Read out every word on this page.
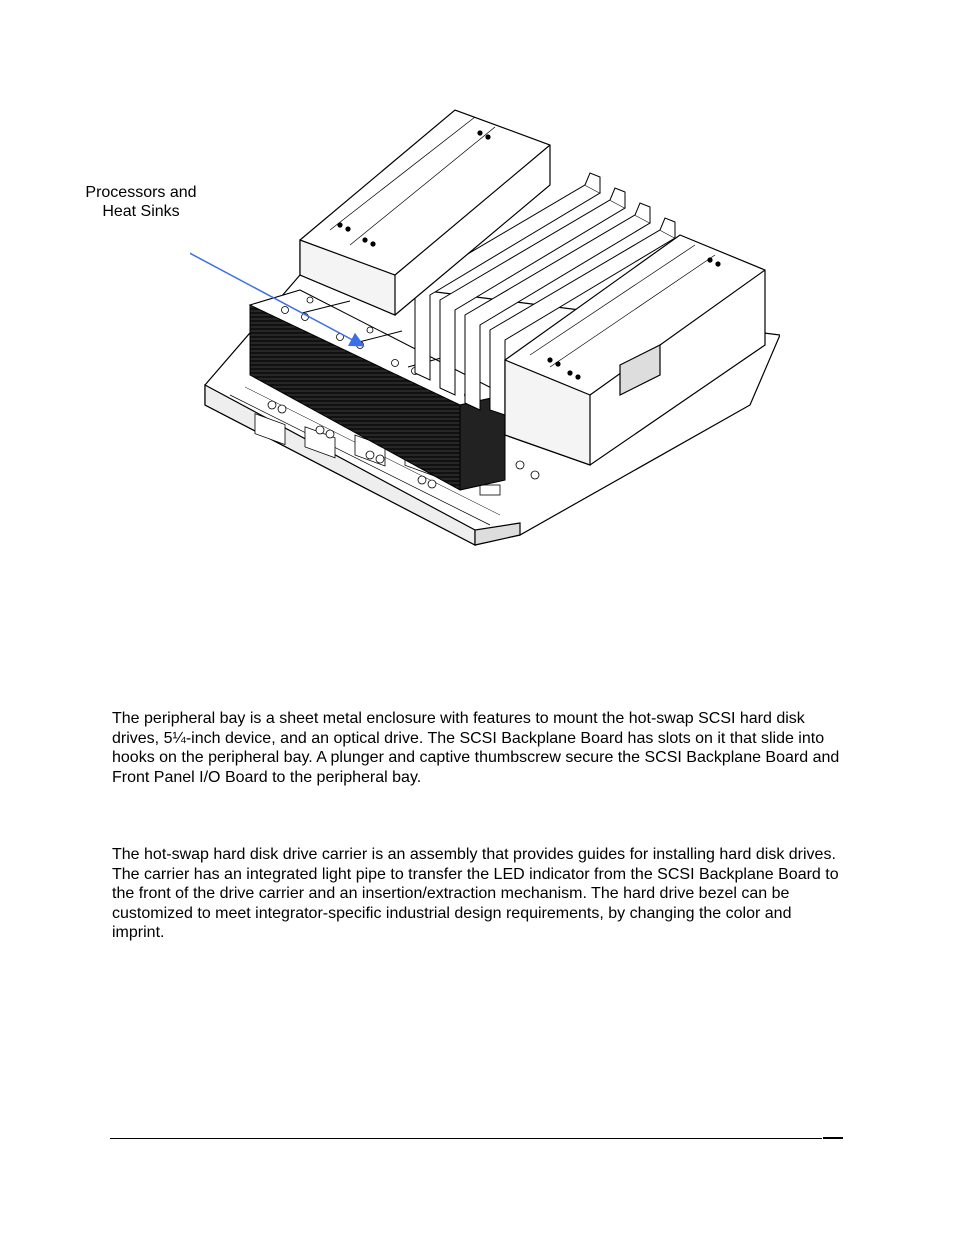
Processors and
Heat Sinks

The peripheral bay is a sheet metal enclosure with features to mount the hot-swap SCSI hard disk drives, 5¼-inch device, and an optical drive. The SCSI Backplane Board has slots on it that slide into hooks on the peripheral bay. A plunger and captive thumbscrew secure the SCSI Backplane Board and Front Panel I/O Board to the peripheral bay.

The hot-swap hard disk drive carrier is an assembly that provides guides for installing hard disk drives. The carrier has an integrated light pipe to transfer the LED indicator from the SCSI Backplane Board to the front of the drive carrier and an insertion/extraction mechanism. The hard drive bezel can be customized to meet integrator-specific industrial design requirements, by changing the color and imprint.
